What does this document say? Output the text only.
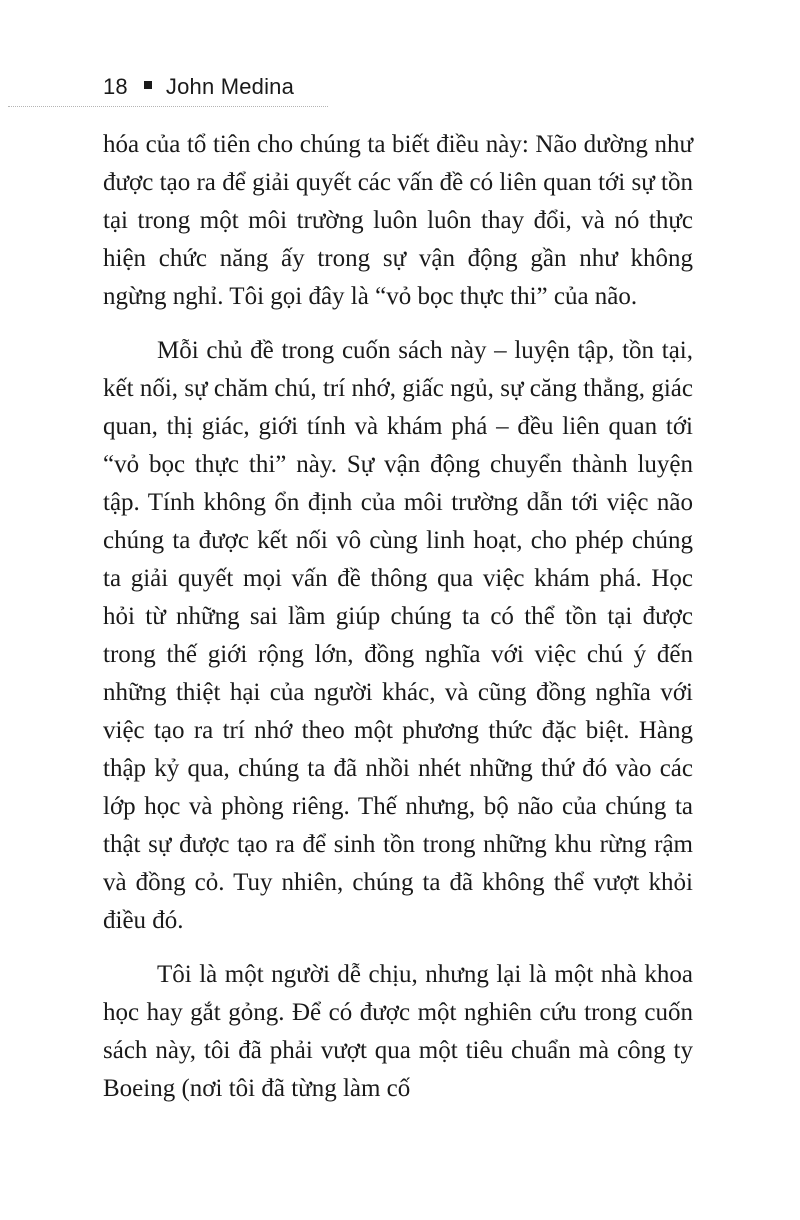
18 John Medina

hóa của tổ tiên cho chúng ta biết điều này: Não dường như được tạo ra để giải quyết các vấn đề có liên quan tới sự tồn tại trong một môi trường luôn luôn thay đổi, và nó thực hiện chức năng ấy trong sự vận động gần như không ngừng nghỉ. Tôi gọi đây là “vỏ bọc thực thi” của não.

Mỗi chủ đề trong cuốn sách này – luyện tập, tồn tại, kết nối, sự chăm chú, trí nhớ, giấc ngủ, sự căng thẳng, giác quan, thị giác, giới tính và khám phá – đều liên quan tới “vỏ bọc thực thi” này. Sự vận động chuyển thành luyện tập. Tính không ổn định của môi trường dẫn tới việc não chúng ta được kết nối vô cùng linh hoạt, cho phép chúng ta giải quyết mọi vấn đề thông qua việc khám phá. Học hỏi từ những sai lầm giúp chúng ta có thể tồn tại được trong thế giới rộng lớn, đồng nghĩa với việc chú ý đến những thiệt hại của người khác, và cũng đồng nghĩa với việc tạo ra trí nhớ theo một phương thức đặc biệt. Hàng thập kỷ qua, chúng ta đã nhồi nhét những thứ đó vào các lớp học và phòng riêng. Thế nhưng, bộ não của chúng ta thật sự được tạo ra để sinh tồn trong những khu rừng rậm và đồng cỏ. Tuy nhiên, chúng ta đã không thể vượt khỏi điều đó.

Tôi là một người dễ chịu, nhưng lại là một nhà khoa học hay gắt gỏng. Để có được một nghiên cứu trong cuốn sách này, tôi đã phải vượt qua một tiêu chuẩn mà công ty Boeing (nơi tôi đã từng làm cố
